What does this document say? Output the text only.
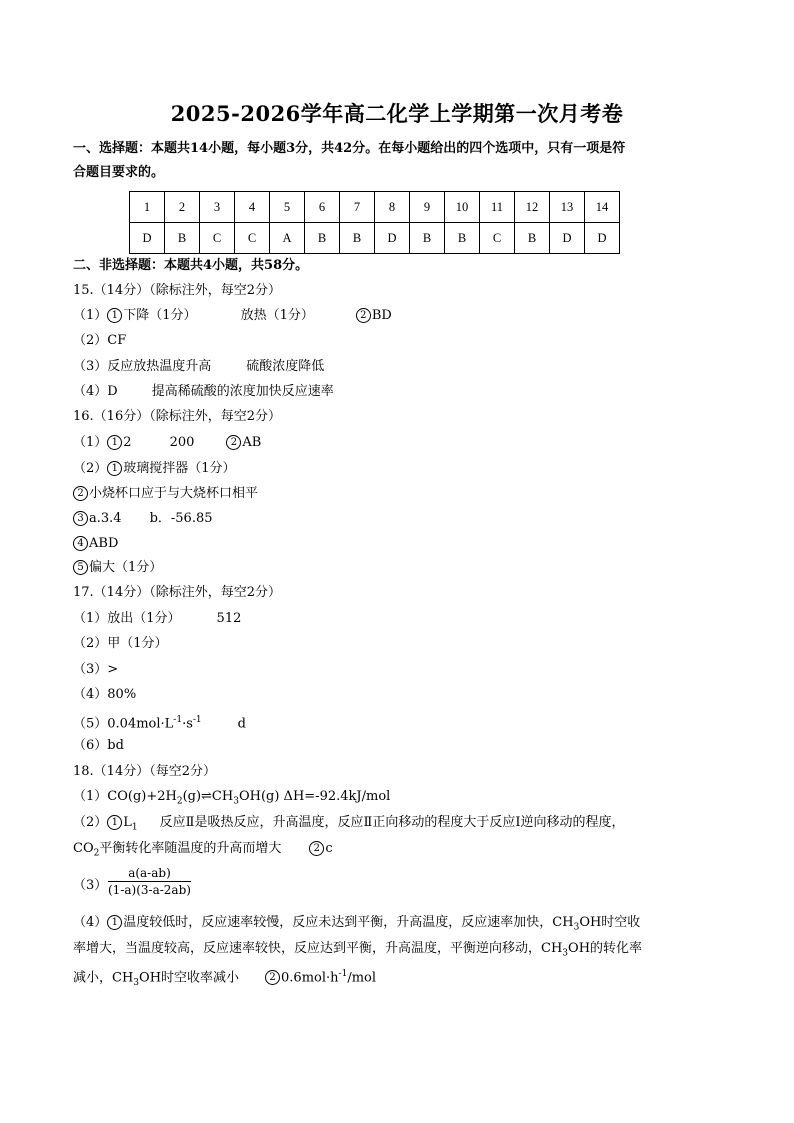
2025-2026学年高二化学上学期第一次月考卷
一、选择题：本题共14小题，每小题3分，共42分。在每小题给出的四个选项中，只有一项是符
合题目要求的。
1	2	3	4	5	6	7	8	9	10	11	12	13	14
D	B	C	C	A	B	B	D	B	B	C	B	D	D
二、非选择题：本题共4小题，共58分。
15.（14分）（除标注外，每空2分）
（1） 1 下降（1分）	放热（1分）	2 BD
（2）CF
（3）反应放热温度升高	硫酸浓度降低
（4）D	提高稀硫酸的浓度加快反应速率
16.（16分）（除标注外，每空2分）
（1） 1 2	200	2 AB
（2） 1 玻璃搅拌器（1分）
2 小烧杯口应于与大烧杯口相平
3 a.3.4 b．-56.85
4 ABD
5 偏大（1分）
17.（14分）（除标注外，每空2分）
（1）放出（1分）	512
（2）甲（1分）
（3）>
（4）80%
$(5)0.04mol\cdot L^{-1}\cdot s^{-1}$	d
（6）bd
18.（14分）（每空2分）
$(1)CO(g)+2H_2(g)\rightleftharpoons CH_3OH(g)$ ΔH=-92.4kJ/mol
（2） 1 $L_1$ 反应Ⅱ是吸热反应，升高温度，反应Ⅱ正向移动的程度大于反应Ⅰ逆向移动的程度，
$CO_2$平衡转化率随温度的升高而增大	2 c
$(3) \frac{a(a-ab)}{(1-a)(3-a-2ab)}$
（4） 1 温度较低时，反应速率较慢，反应未达到平衡，升高温度，反应速率加快，$CH_3OH$时空收
率增大，当温度较高，反应速率较快，反应达到平衡，升高温度，平衡逆向移动，$CH_3OH$的转化率
减小，$CH_3OH$时空收率减小	2 $0.6mol\cdot h^{-1}$/mol
